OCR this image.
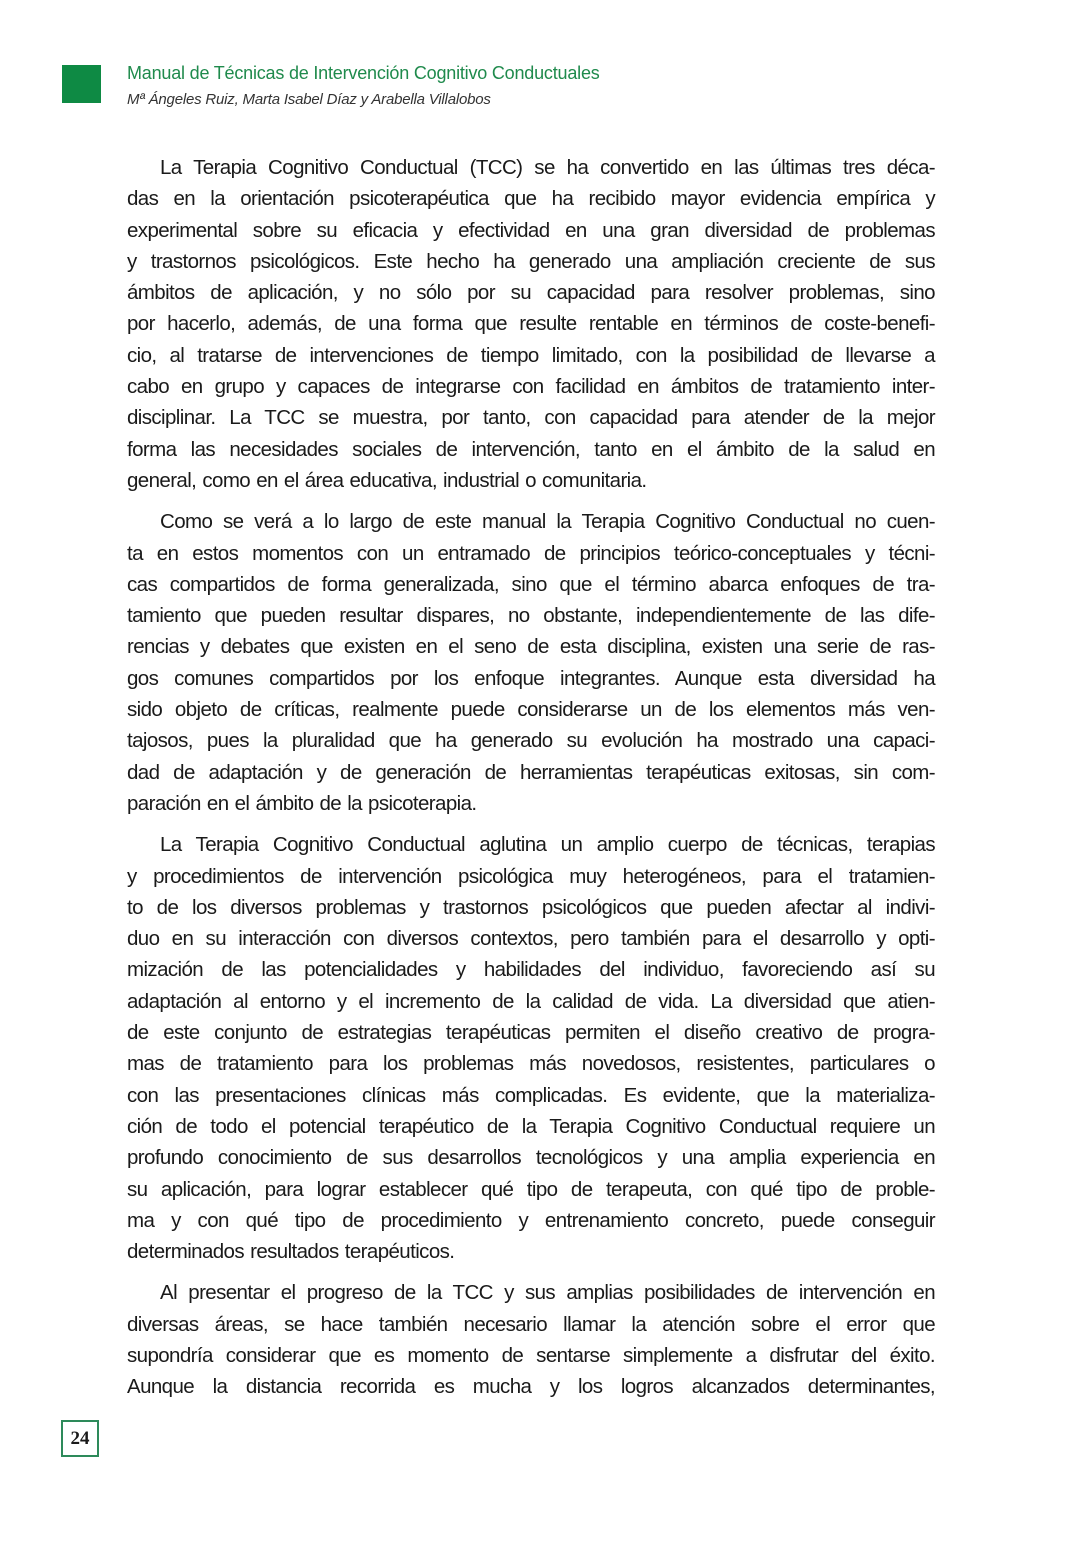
Manual de Técnicas de Intervención Cognitivo Conductuales
Mª Ángeles Ruiz, Marta Isabel Díaz y Arabella Villalobos
La Terapia Cognitivo Conductual (TCC) se ha convertido en las últimas tres déca-
das en la orientación psicoterapéutica que ha recibido mayor evidencia empírica y
experimental sobre su eficacia y efectividad en una gran diversidad de problemas
y trastornos psicológicos. Este hecho ha generado una ampliación creciente de sus
ámbitos de aplicación, y no sólo por su capacidad para resolver problemas, sino
por hacerlo, además, de una forma que resulte rentable en términos de coste-benefi-
cio, al tratarse de intervenciones de tiempo limitado, con la posibilidad de llevarse a
cabo en grupo y capaces de integrarse con facilidad en ámbitos de tratamiento inter-
disciplinar. La TCC se muestra, por tanto, con capacidad para atender de la mejor
forma las necesidades sociales de intervención, tanto en el ámbito de la salud en
general, como en el área educativa, industrial o comunitaria.
Como se verá a lo largo de este manual la Terapia Cognitivo Conductual no cuen-
ta en estos momentos con un entramado de principios teórico-conceptuales y técni-
cas compartidos de forma generalizada, sino que el término abarca enfoques de tra-
tamiento que pueden resultar dispares, no obstante, independientemente de las dife-
rencias y debates que existen en el seno de esta disciplina, existen una serie de ras-
gos comunes compartidos por los enfoque integrantes. Aunque esta diversidad ha
sido objeto de críticas, realmente puede considerarse un de los elementos más ven-
tajosos, pues la pluralidad que ha generado su evolución ha mostrado una capaci-
dad de adaptación y de generación de herramientas terapéuticas exitosas, sin com-
paración en el ámbito de la psicoterapia.
La Terapia Cognitivo Conductual aglutina un amplio cuerpo de técnicas, terapias
y procedimientos de intervención psicológica muy heterogéneos, para el tratamien-
to de los diversos problemas y trastornos psicológicos que pueden afectar al indivi-
duo en su interacción con diversos contextos, pero también para el desarrollo y opti-
mización de las potencialidades y habilidades del individuo, favoreciendo así su
adaptación al entorno y el incremento de la calidad de vida. La diversidad que atien-
de este conjunto de estrategias terapéuticas permiten el diseño creativo de progra-
mas de tratamiento para los problemas más novedosos, resistentes, particulares o
con las presentaciones clínicas más complicadas. Es evidente, que la materializa-
ción de todo el potencial terapéutico de la Terapia Cognitivo Conductual requiere un
profundo conocimiento de sus desarrollos tecnológicos y una amplia experiencia en
su aplicación, para lograr establecer qué tipo de terapeuta, con qué tipo de proble-
ma y con qué tipo de procedimiento y entrenamiento concreto, puede conseguir
determinados resultados terapéuticos.
Al presentar el progreso de la TCC y sus amplias posibilidades de intervención en
diversas áreas, se hace también necesario llamar la atención sobre el error que
supondría considerar que es momento de sentarse simplemente a disfrutar del éxito.
Aunque la distancia recorrida es mucha y los logros alcanzados determinantes,
24
